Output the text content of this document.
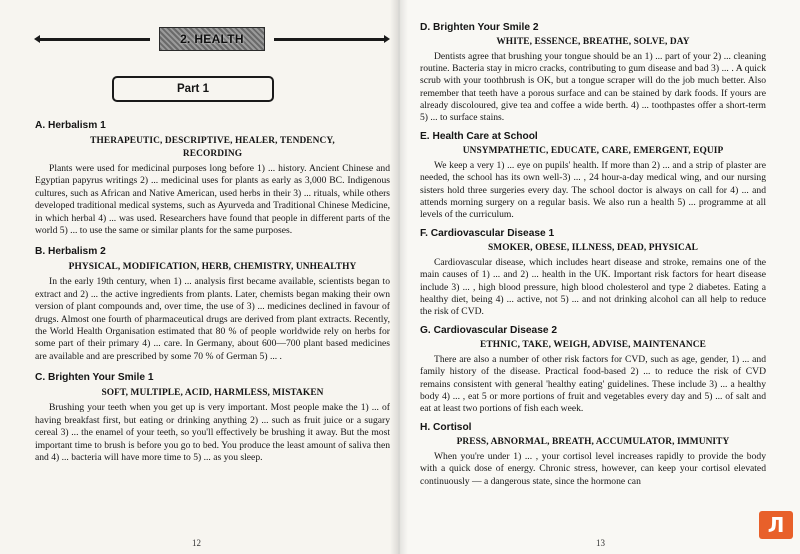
2. HEALTH
Part 1
A. Herbalism 1
THERAPEUTIC, DESCRIPTIVE, HEALER, TENDENCY, RECORDING

Plants were used for medicinal purposes long before 1) ... history. Ancient Chinese and Egyptian papyrus writings 2) ... medicinal uses for plants as early as 3,000 BC. Indigenous cultures, such as African and Native American, used herbs in their 3) ... rituals, while others developed traditional medical systems, such as Ayurveda and Traditional Chinese Medicine, in which herbal 4) ... was used. Researchers have found that people in different parts of the world 5) ... to use the same or similar plants for the same purposes.

B. Herbalism 2
PHYSICAL, MODIFICATION, HERB, CHEMISTRY, UNHEALTHY

In the early 19th century, when 1) ... analysis first became available, scientists began to extract and 2) ... the active ingredients from plants. Later, chemists began making their own version of plant compounds and, over time, the use of 3) ... medicines declined in favour of drugs. Almost one fourth of pharmaceutical drugs are derived from plant extracts. Recently, the World Health Organisation estimated that 80 % of people worldwide rely on herbs for some part of their primary 4) ... care. In Germany, about 600—700 plant based medicines are available and are prescribed by some 70 % of German 5) ... .

C. Brighten Your Smile 1
SOFT, MULTIPLE, ACID, HARMLESS, MISTAKEN

Brushing your teeth when you get up is very important. Most people make the 1) ... of having breakfast first, but eating or drinking anything 2) ... such as fruit juice or a sugary cereal 3) ... the enamel of your teeth, so you'll effectively be brushing it away. But the most important time to brush is before you go to bed. You produce the least amount of saliva then and 4) ... bacteria will have more time to 5) ... as you sleep.

12
D. Brighten Your Smile 2
WHITE, ESSENCE, BREATHE, SOLVE, DAY

Dentists agree that brushing your tongue should be an 1) ... part of your 2) ... cleaning routine. Bacteria stay in micro cracks, contributing to gum disease and bad 3) ... . A quick scrub with your toothbrush is OK, but a tongue scraper will do the job much better. Also remember that teeth have a porous surface and can be stained by dark foods. If yours are already discoloured, give tea and coffee a wide berth. 4) ... toothpastes offer a short-term 5) ... to surface stains.

E. Health Care at School
UNSYMPATHETIC, EDUCATE, CARE, EMERGENT, EQUIP

We keep a very 1) ... eye on pupils' health. If more than 2) ... and a strip of plaster are needed, the school has its own well-3) ... , 24 hour-a-day medical wing, and our nursing sisters hold three surgeries every day. The school doctor is always on call for 4) ... and attends morning surgery on a regular basis. We also run a health 5) ... programme at all levels of the curriculum.

F. Cardiovascular Disease 1
SMOKER, OBESE, ILLNESS, DEAD, PHYSICAL

Cardiovascular disease, which includes heart disease and stroke, remains one of the main causes of 1) ... and 2) ... health in the UK. Important risk factors for heart disease include 3) ... , high blood pressure, high blood cholesterol and type 2 diabetes. Eating a healthy diet, being 4) ... active, not 5) ... and not drinking alcohol can all help to reduce the risk of CVD.

G. Cardiovascular Disease 2
ETHNIC, TAKE, WEIGH, ADVISE, MAINTENANCE

There are also a number of other risk factors for CVD, such as age, gender, 1) ... and family history of the disease. Practical food-based 2) ... to reduce the risk of CVD remains consistent with general 'healthy eating' guidelines. These include 3) ... a healthy body 4) ... , eat 5 or more portions of fruit and vegetables every day and 5) ... of salt and eat at least two portions of fish each week.

H. Cortisol
PRESS, ABNORMAL, BREATH, ACCUMULATOR, IMMUNITY

When you're under 1) ... , your cortisol level increases rapidly to provide the body with a quick dose of energy. Chronic stress, however, can keep your cortisol elevated continuously — a dangerous state, since the hormone can

13
Л
